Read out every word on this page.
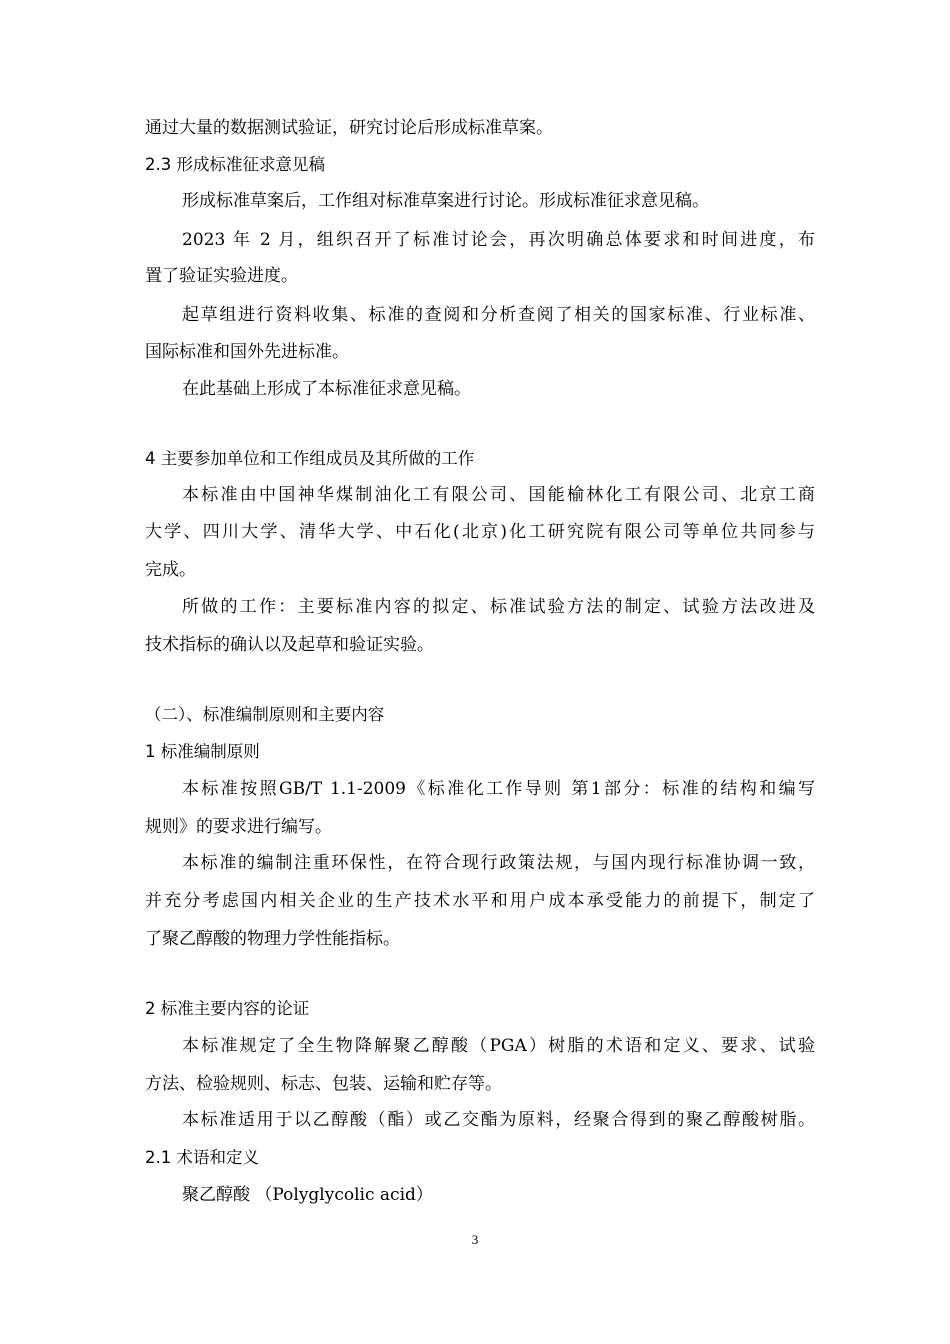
通过大量的数据测试验证，研究讨论后形成标准草案。
2.3 形成标准征求意见稿
形成标准草案后，工作组对标准草案进行讨论。形成标准征求意见稿。
2023 年 2 月，组织召开了标准讨论会，再次明确总体要求和时间进度，布
置了验证实验进度。
起草组进行资料收集、标准的查阅和分析查阅了相关的国家标准、行业标准、
国际标准和国外先进标准。
在此基础上形成了本标准征求意见稿。
4 主要参加单位和工作组成员及其所做的工作
本标准由中国神华煤制油化工有限公司、国能榆林化工有限公司、北京工商
大学、四川大学、清华大学、中石化(北京)化工研究院有限公司等单位共同参与
完成。
所做的工作：主要标准内容的拟定、标准试验方法的制定、试验方法改进及
技术指标的确认以及起草和验证实验。
（二）、标准编制原则和主要内容
1 标准编制原则
本标准按照GB/T 1.1-2009《标准化工作导则 第1部分：标准的结构和编写
规则》的要求进行编写。
本标准的编制注重环保性，在符合现行政策法规，与国内现行标准协调一致，
并充分考虑国内相关企业的生产技术水平和用户成本承受能力的前提下，制定了
了聚乙醇酸的物理力学性能指标。
2 标准主要内容的论证
本标准规定了全生物降解聚乙醇酸（PGA）树脂的术语和定义、要求、试验
方法、检验规则、标志、包装、运输和贮存等。
本标准适用于以乙醇酸（酯）或乙交酯为原料，经聚合得到的聚乙醇酸树脂。
2.1 术语和定义
聚乙醇酸 （Polyglycolic acid）
3
